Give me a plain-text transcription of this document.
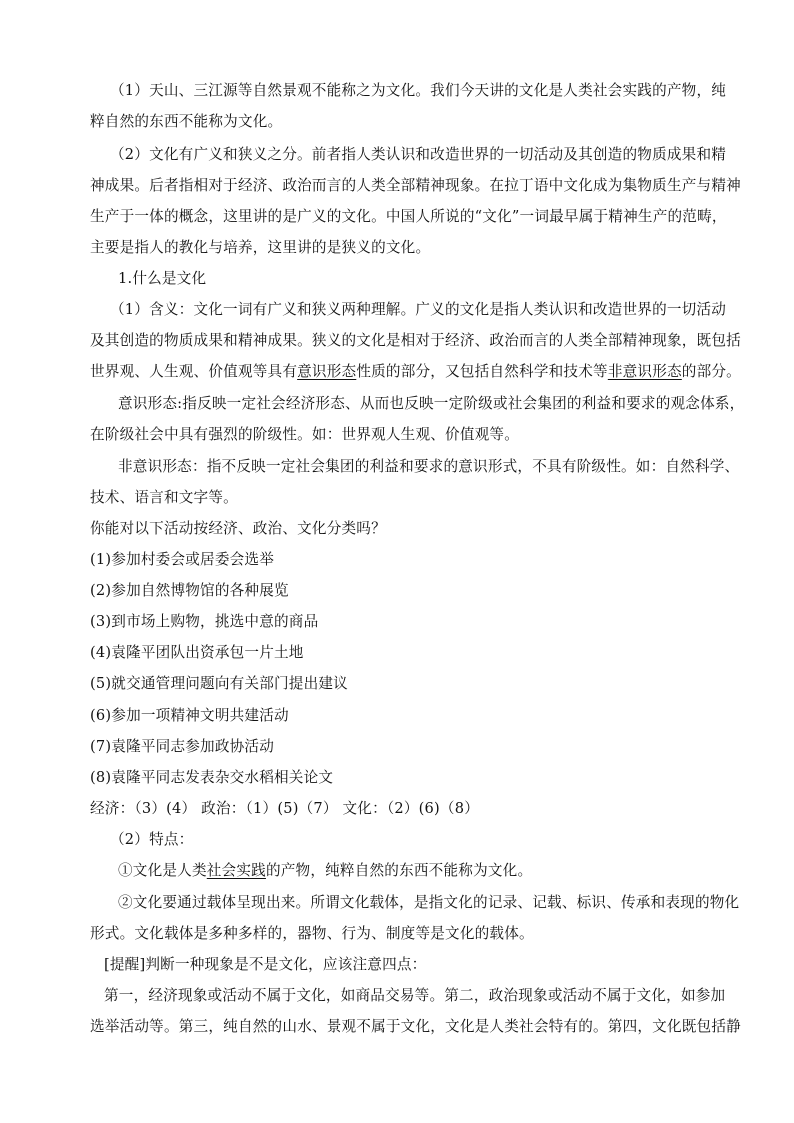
（1）天山、三江源等自然景观不能称之为文化。我们今天讲的文化是人类社会实践的产物，纯
粹自然的东西不能称为文化。
（2）文化有广义和狭义之分。前者指人类认识和改造世界的一切活动及其创造的物质成果和精
神成果。后者指相对于经济、政治而言的人类全部精神现象。在拉丁语中文化成为集物质生产与精神
生产于一体的概念，这里讲的是广义的文化。中国人所说的“文化”一词最早属于精神生产的范畴，
主要是指人的教化与培养，这里讲的是狭义的文化。
1.什么是文化
（1）含义：文化一词有广义和狭义两种理解。广义的文化是指人类认识和改造世界的一切活动
及其创造的物质成果和精神成果。狭义的文化是相对于经济、政治而言的人类全部精神现象，既包括
世界观、人生观、价值观等具有意识形态性质的部分，又包括自然科学和技术等非意识形态的部分。
意识形态:指反映一定社会经济形态、从而也反映一定阶级或社会集团的利益和要求的观念体系，
在阶级社会中具有强烈的阶级性。如：世界观人生观、价值观等。
非意识形态：指不反映一定社会集团的利益和要求的意识形式，不具有阶级性。如：自然科学、
技术、语言和文字等。
你能对以下活动按经济、政治、文化分类吗？
(1)参加村委会或居委会选举
(2)参加自然博物馆的各种展览
(3)到市场上购物，挑选中意的商品
(4)袁隆平团队出资承包一片土地
(5)就交通管理问题向有关部门提出建议
(6)参加一项精神文明共建活动
(7)袁隆平同志参加政协活动
(8)袁隆平同志发表杂交水稻相关论文
经济：（3）(4） 政治：（1）(5)（7） 文化：（2）(6)（8）
（2）特点：
①文化是人类社会实践的产物，纯粹自然的东西不能称为文化。
②文化要通过载体呈现出来。所谓文化载体，是指文化的记录、记载、标识、传承和表现的物化
形式。文化载体是多种多样的，器物、行为、制度等是文化的载体。
[提醒]判断一种现象是不是文化，应该注意四点：
第一，经济现象或活动不属于文化，如商品交易等。第二，政治现象或活动不属于文化，如参加
选举活动等。第三，纯自然的山水、景观不属于文化，文化是人类社会特有的。第四，文化既包括静
